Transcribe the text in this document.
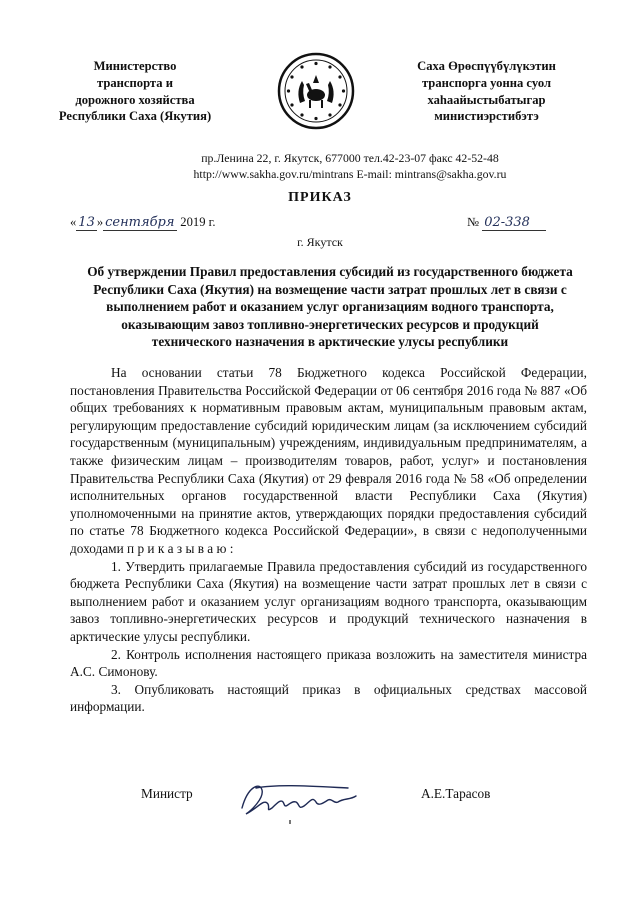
Министерство
транспорта и
дорожного хозяйства
Республики Саха (Якутия)
Саха Өрөспүүбүлүкэтин
транспорга уонна суол
хаһаайыстыбатыгар
министиэрстибэтэ
пр.Ленина 22, г. Якутск, 677000 тел.42-23-07 факс 42-52-48
http://www.sakha.gov.ru/mintrans E-mail: mintrans@sakha.gov.ru
ПРИКАЗ
« 13 » сентября 2019 г.	№ 02-338
г. Якутск
Об утверждении Правил предоставления субсидий из государственного бюджета Республики Саха (Якутия) на возмещение части затрат прошлых лет в связи с выполнением работ и оказанием услуг организациям водного транспорта, оказывающим завоз топливно-энергетических ресурсов и продукций технического назначения в арктические улусы республики

На основании статьи 78 Бюджетного кодекса Российской Федерации, постановления Правительства Российской Федерации от 06 сентября 2016 года № 887 «Об общих требованиях к нормативным правовым актам, муниципальным правовым актам, регулирующим предоставление субсидий юридическим лицам (за исключением субсидий государственным (муниципальным) учреждениям, индивидуальным предпринимателям, а также физическим лицам – производителям товаров, работ, услуг» и постановления Правительства Республики Саха (Якутия) от 29 февраля 2016 года № 58 «Об определении исполнительных органов государственной власти Республики Саха (Якутия) уполномоченными на принятие актов, утверждающих порядки предоставления субсидий по статье 78 Бюджетного кодекса Российской Федерации», в связи с недополученными доходами п р и к а з ы в а ю :

1. Утвердить прилагаемые Правила предоставления субсидий из государственного бюджета Республики Саха (Якутия) на возмещение части затрат прошлых лет в связи с выполнением работ и оказанием услуг организациям водного транспорта, оказывающим завоз топливно-энергетических ресурсов и продукций технического назначения в арктические улусы республики.

2. Контроль исполнения настоящего приказа возложить на заместителя министра А.С. Симонову.

3. Опубликовать настоящий приказ в официальных средствах массовой информации.

Министр	А.Е.Тарасов
